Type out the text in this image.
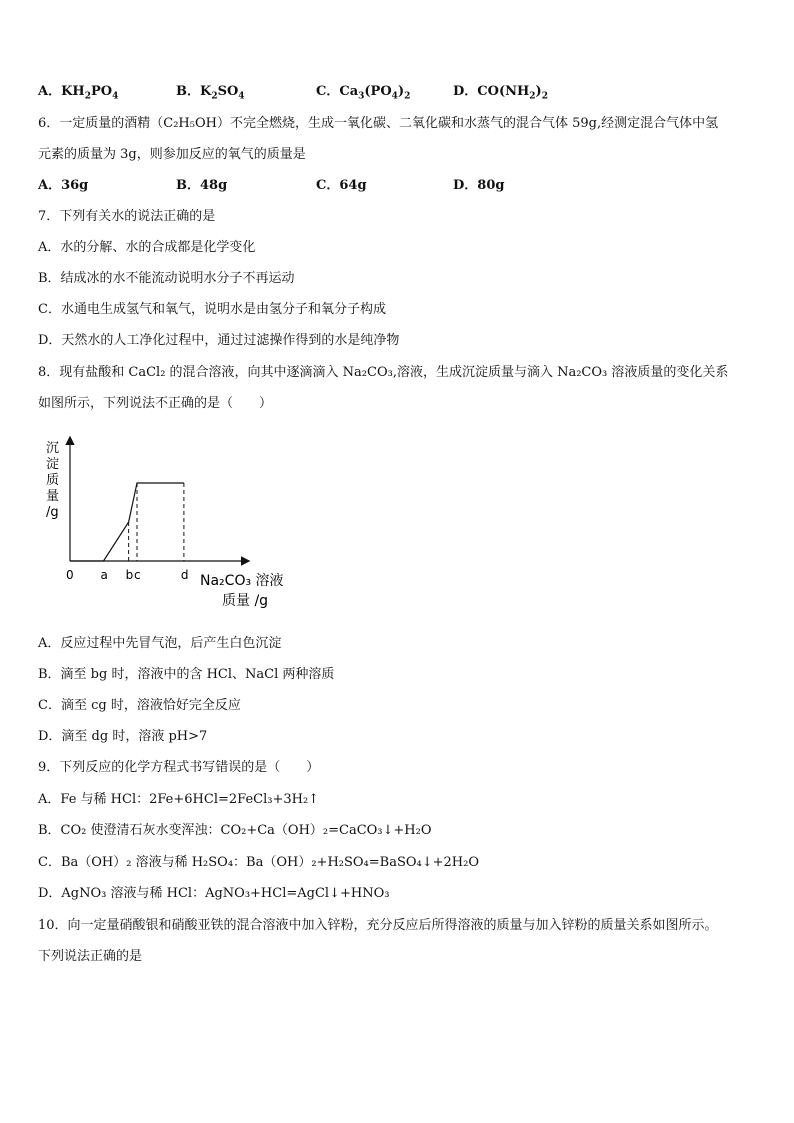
A．$KH_2PO_4$	B．$K_2SO_4$	C．$Ca_3(PO_4)_2$	D．$CO(NH_2)_2$
6．一定质量的酒精（C₂H₅OH）不完全燃烧，生成一氧化碳、二氧化碳和水蒸气的混合气体 59g,经测定混合气体中氢
元素的质量为 3g，则参加反应的氧气的质量是
A．36g	B．48g	C．64g	D．80g
7．下列有关水的说法正确的是
A．水的分解、水的合成都是化学变化
B．结成冰的水不能流动说明水分子不再运动
C．水通电生成氢气和氧气，说明水是由氢分子和氧分子构成
D．天然水的人工净化过程中，通过过滤操作得到的水是纯净物
8．现有盐酸和 CaCl₂ 的混合溶液，向其中逐滴滴入 Na₂CO₃,溶液，生成沉淀质量与滴入 Na₂CO₃ 溶液质量的变化关系
如图所示，下列说法不正确的是（　　）
沉
淀
质
量
/g
0 a b c	d Na₂CO₃ 溶液
质量 /g
A．反应过程中先冒气泡，后产生白色沉淀
B．滴至 bg 时，溶液中的含 HCl、NaCl 两种溶质
C．滴至 cg 时，溶液恰好完全反应
D．滴至 dg 时，溶液 pH>7
9．下列反应的化学方程式书写错误的是（　　）
A．Fe 与稀 HCl：2Fe+6HCl=2FeCl₃+3H₂↑
B．CO₂ 使澄清石灰水变浑浊：CO₂+Ca（OH）₂=CaCO₃↓+H₂O
C．Ba（OH）₂ 溶液与稀 H₂SO₄：Ba（OH）₂+H₂SO₄=BaSO₄↓+2H₂O
D．AgNO₃ 溶液与稀 HCl：AgNO₃+HCl=AgCl↓+HNO₃
10．向一定量硝酸银和硝酸亚铁的混合溶液中加入锌粉，充分反应后所得溶液的质量与加入锌粉的质量关系如图所示。
下列说法正确的是
